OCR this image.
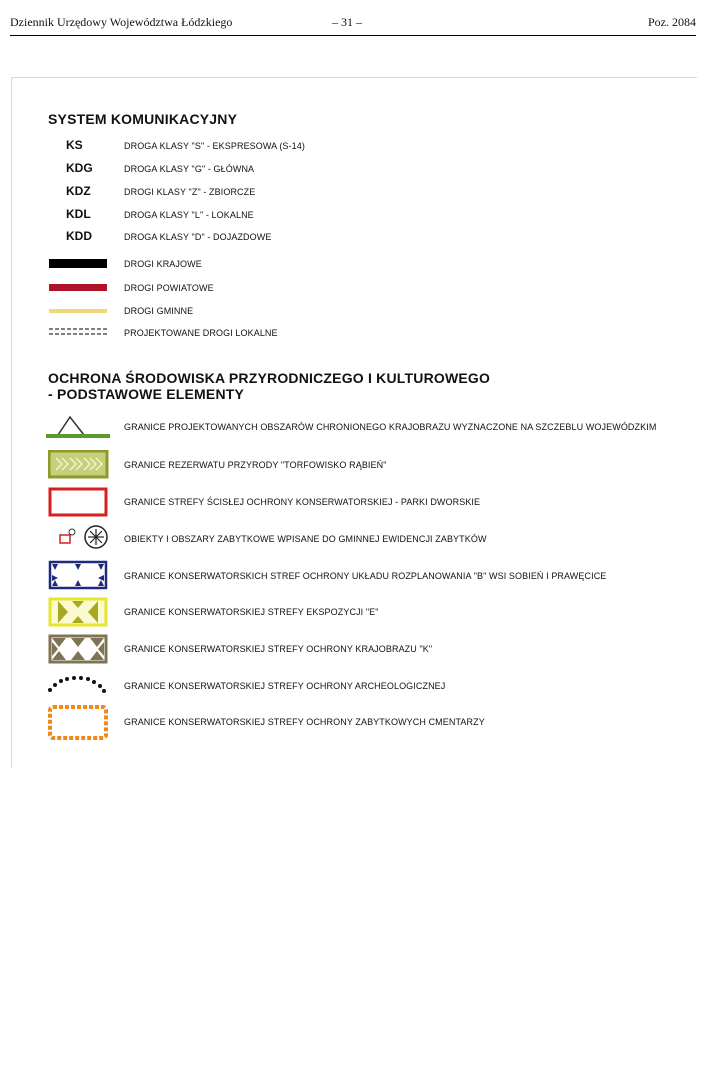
Dziennik Urzędowy Województwa Łódzkiego	– 31 –	Poz. 2084
SYSTEM KOMUNIKACYJNY
KS	DROGA KLASY "S" - EKSPRESOWA (S-14)
KDG	DROGA KLASY "G" - GŁÓWNA
KDZ	DROGI KLASY "Z" - ZBIORCZE
KDL	DROGA KLASY "L" - LOKALNE
KDD	DROGA KLASY "D" - DOJAZDOWE
DROGI KRAJOWE
DROGI POWIATOWE
DROGI GMINNE
PROJEKTOWANE DROGI LOKALNE
OCHRONA ŚRODOWISKA PRZYRODNICZEGO I KULTUROWEGO
- PODSTAWOWE ELEMENTY
GRANICE PROJEKTOWANYCH OBSZARÓW CHRONIONEGO KRAJOBRAZU WYZNACZONE NA SZCZEBLU WOJEWÓDZKIM
GRANICE REZERWATU PRZYRODY "TORFOWISKO RĄBIEŃ"
GRANICE STREFY ŚCISŁEJ OCHRONY KONSERWATORSKIEJ - PARKI DWORSKIE
OBIEKTY I OBSZARY ZABYTKOWE WPISANE DO GMINNEJ EWIDENCJI ZABYTKÓW
GRANICE KONSERWATORSKICH STREF OCHRONY UKŁADU ROZPLANOWANIA "B" WSI SOBIEŃ I PRAWĘCICE
GRANICE KONSERWATORSKIEJ STREFY EKSPOZYCJI "E"
GRANICE KONSERWATORSKIEJ STREFY OCHRONY KRAJOBRAZU "K"
GRANICE KONSERWATORSKIEJ STREFY OCHRONY ARCHEOLOGICZNEJ
GRANICE KONSERWATORSKIEJ STREFY OCHRONY ZABYTKOWYCH CMENTARZY
